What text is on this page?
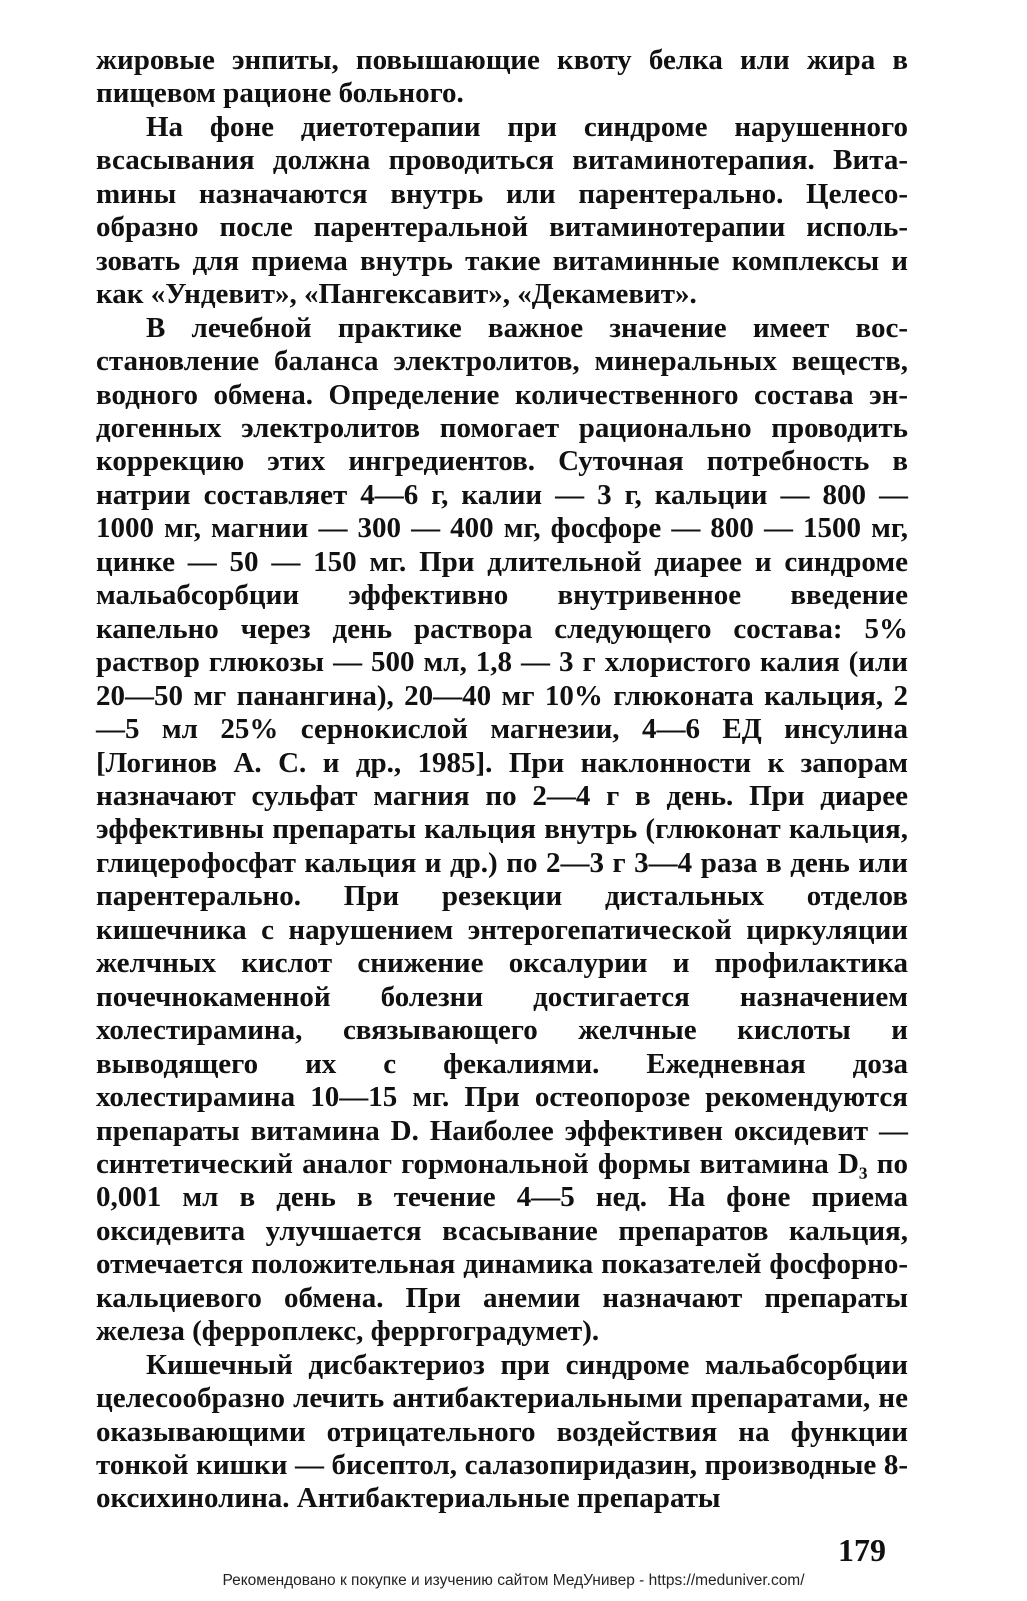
жировые энпиты, повышающие квоту белка или жира в пищевом рационе больного.

На фоне диетотерапии при синдроме нарушенного всасывания должна проводиться витаминотерапия. Витаmины назначаются внутрь или парентерально. Целесообразно после парентеральной витаминотерапии использовать для приема внутрь такие витаминные комплексы и как «Ундевит», «Пангексавит», «Декамевит».

В лечебной практике важное значение имеет восстановление баланса электролитов, минеральных веществ, водного обмена. Определение количественного состава эндогенных электролитов помогает рационально проводить коррекцию этих ингредиентов. Суточная потребность в натрии составляет 4—6 г, калии — 3 г, кальции — 800 — 1000 мг, магнии — 300 — 400 мг, фосфоре — 800 — 1500 мг, цинке — 50 — 150 мг. При длительной диарее и синдроме мальабсорбции эффективно внутривенное введение капельно через день раствора следующего состава: 5% раствор глюкозы — 500 мл, 1,8 — 3 г хлористого калия (или 20—50 мг панангина), 20—40 мг 10% глюконата кальция, 2—5 мл 25% сернокислой магнезии, 4—6 ЕД инсулина [Логинов А. С. и др., 1985]. При наклонности к запорам назначают сульфат магния по 2—4 г в день. При диарее эффективны препараты кальция внутрь (глюконат кальция, глицерофосфат кальция и др.) по 2—3 г 3—4 раза в день или парентерально. При резекции дистальных отделов кишечника с нарушением энтерогепатической циркуляции желчных кислот снижение оксалурии и профилактика почечнокаменной болезни достигается назначением холестирамина, связывающего желчные кислоты и выводящего их с фекалиями. Ежедневная доза холестирамина 10—15 мг. При остеопорозе рекомендуются препараты витамина D. Наиболее эффективен оксидевит — синтетический аналог гормональной формы витамина D₃ по 0,001 мл в день в течение 4—5 нед. На фоне приема оксидевита улучшается всасывание препаратов кальция, отмечается положительная динамика показателей фосфорно-кальциевого обмена. При анемии назначают препараты железа (ферроплекс, ферргоградумет).

Кишечный дисбактериоз при синдроме мальабсорбции целесообразно лечить антибактериальными препаратами, не оказывающими отрицательного воздействия на функции тонкой кишки — бисептол, салазопиридазин, производные 8-оксихинолина. Антибактериальные препараты

179
Рекомендовано к покупке и изучению сайтом МедУнивер - https://meduniver.com/
